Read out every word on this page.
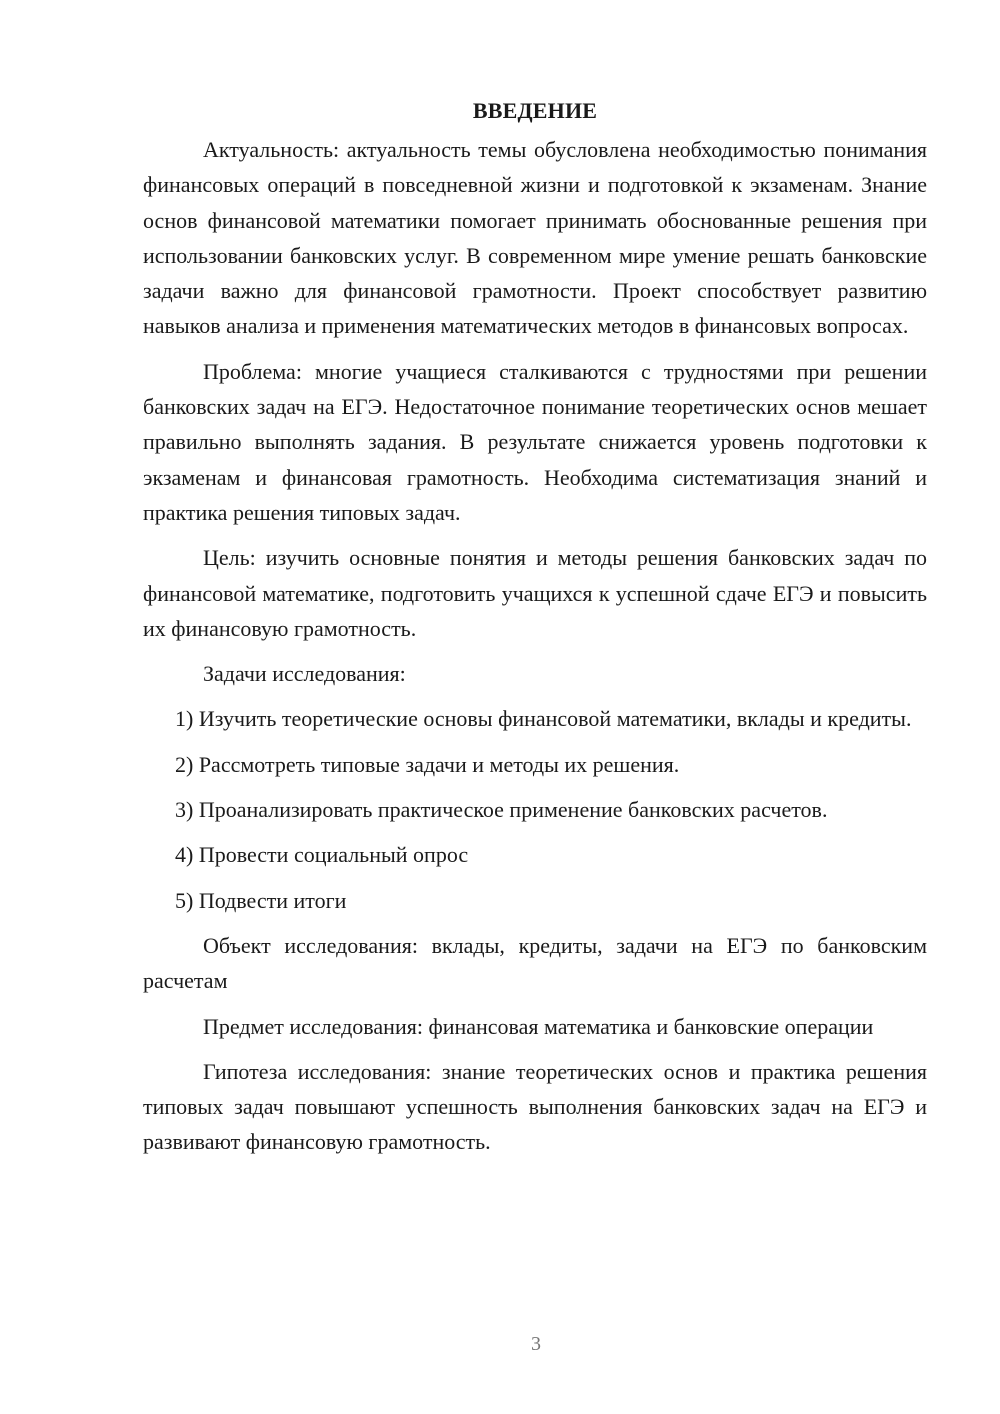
ВВЕДЕНИЕ

Актуальность: актуальность темы обусловлена необходимостью понимания финансовых операций в повседневной жизни и подготовкой к экзаменам. Знание основ финансовой математики помогает принимать обоснованные решения при использовании банковских услуг. В современном мире умение решать банковские задачи важно для финансовой грамотности. Проект способствует развитию навыков анализа и применения математических методов в финансовых вопросах.

Проблема: многие учащиеся сталкиваются с трудностями при решении банковских задач на ЕГЭ. Недостаточное понимание теоретических основ мешает правильно выполнять задания. В результате снижается уровень подготовки к экзаменам и финансовая грамотность. Необходима систематизация знаний и практика решения типовых задач.

Цель: изучить основные понятия и методы решения банковских задач по финансовой математике, подготовить учащихся к успешной сдаче ЕГЭ и повысить их финансовую грамотность.

Задачи исследования:

1) Изучить теоретические основы финансовой математики, вклады и кредиты.

2) Рассмотреть типовые задачи и методы их решения.

3) Проанализировать практическое применение банковских расчетов.

4) Провести социальный опрос

5) Подвести итоги

Объект исследования: вклады, кредиты, задачи на ЕГЭ по банковским расчетам

Предмет исследования: финансовая математика и банковские операции

Гипотеза исследования: знание теоретических основ и практика решения типовых задач повышают успешность выполнения банковских задач на ЕГЭ и развивают финансовую грамотность.

3
